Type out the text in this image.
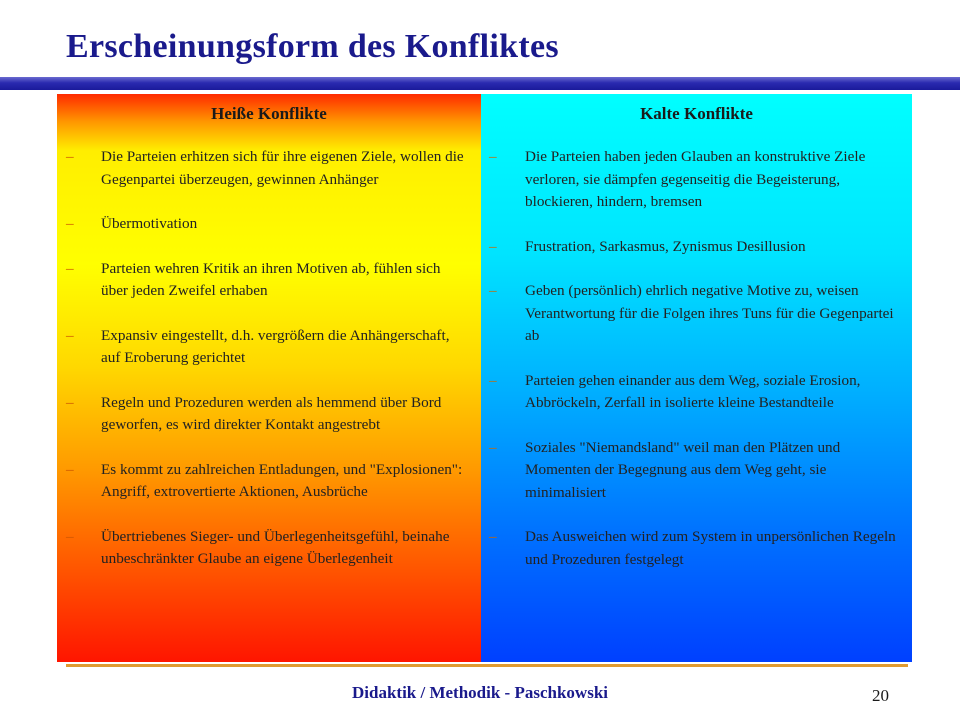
Erscheinungsform des Konfliktes
Heiße Konflikte
– Die Parteien erhitzen sich für ihre eigenen Ziele, wollen die Gegenpartei überzeugen, gewinnen Anhänger
– Übermotivation
– Parteien wehren Kritik an ihren Motiven ab, fühlen sich über jeden Zweifel erhaben
– Expansiv eingestellt, d.h. vergrößern die Anhängerschaft, auf Eroberung gerichtet
– Regeln und Prozeduren werden als hemmend über Bord geworfen, es wird direkter Kontakt angestrebt
– Es kommt zu zahlreichen Entladungen, und "Explosionen": Angriff, extrovertierte Aktionen, Ausbrüche
– Übertriebenes Sieger- und Überlegenheitsgefühl, beinahe unbeschränkter Glaube an eigene Überlegenheit
Kalte Konflikte
– Die Parteien haben jeden Glauben an konstruktive Ziele verloren, sie dämpfen gegenseitig die Begeisterung, blockieren, hindern, bremsen
– Frustration, Sarkasmus, Zynismus Desillusion
– Geben (persönlich) ehrlich negative Motive zu, weisen Verantwortung für die Folgen ihres Tuns für die Gegenpartei ab
– Parteien gehen einander aus dem Weg, soziale Erosion, Abbröckeln, Zerfall in isolierte kleine Bestandteile
– Soziales "Niemandsland" weil man den Plätzen und Momenten der Begegnung aus dem Weg geht, sie minimalisiert
– Das Ausweichen wird zum System in unpersönlichen Regeln und Prozeduren festgelegt
Didaktik / Methodik - Paschkowski	20
